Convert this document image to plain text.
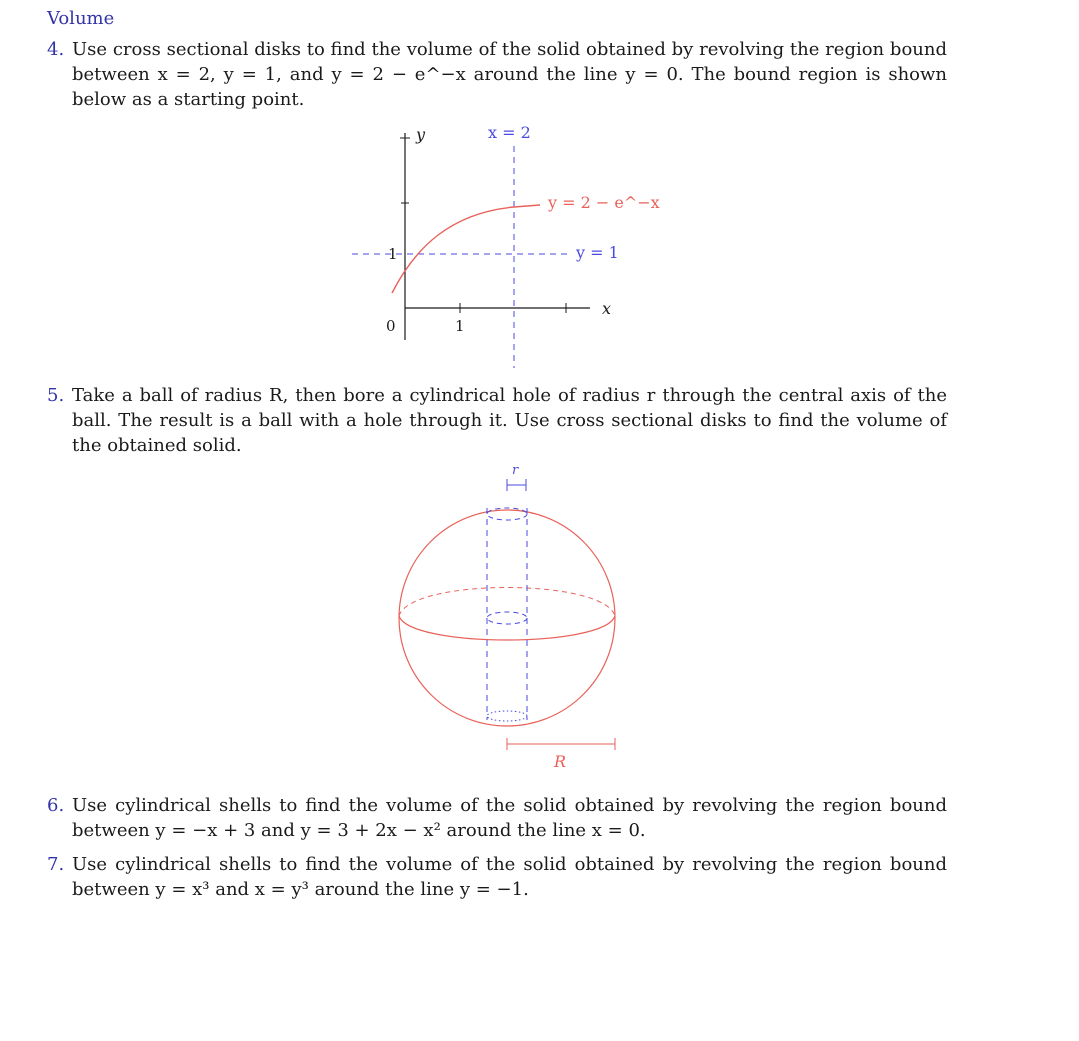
Volume
4. Use cross sectional disks to find the volume of the solid obtained by revolving the region bound between x = 2, y = 1, and y = 2 − e^−x around the line y = 0. The bound region is shown below as a starting point.
y	x = 2
y = 2 − e^−x
y = 1
x
1
0	1
5. Take a ball of radius R, then bore a cylindrical hole of radius r through the central axis of the ball. The result is a ball with a hole through it. Use cross sectional disks to find the volume of the obtained solid.
r
R
6. Use cylindrical shells to find the volume of the solid obtained by revolving the region bound between y = −x + 3 and y = 3 + 2x − x² around the line x = 0.
7. Use cylindrical shells to find the volume of the solid obtained by revolving the region bound between y = x³ and x = y³ around the line y = −1.
